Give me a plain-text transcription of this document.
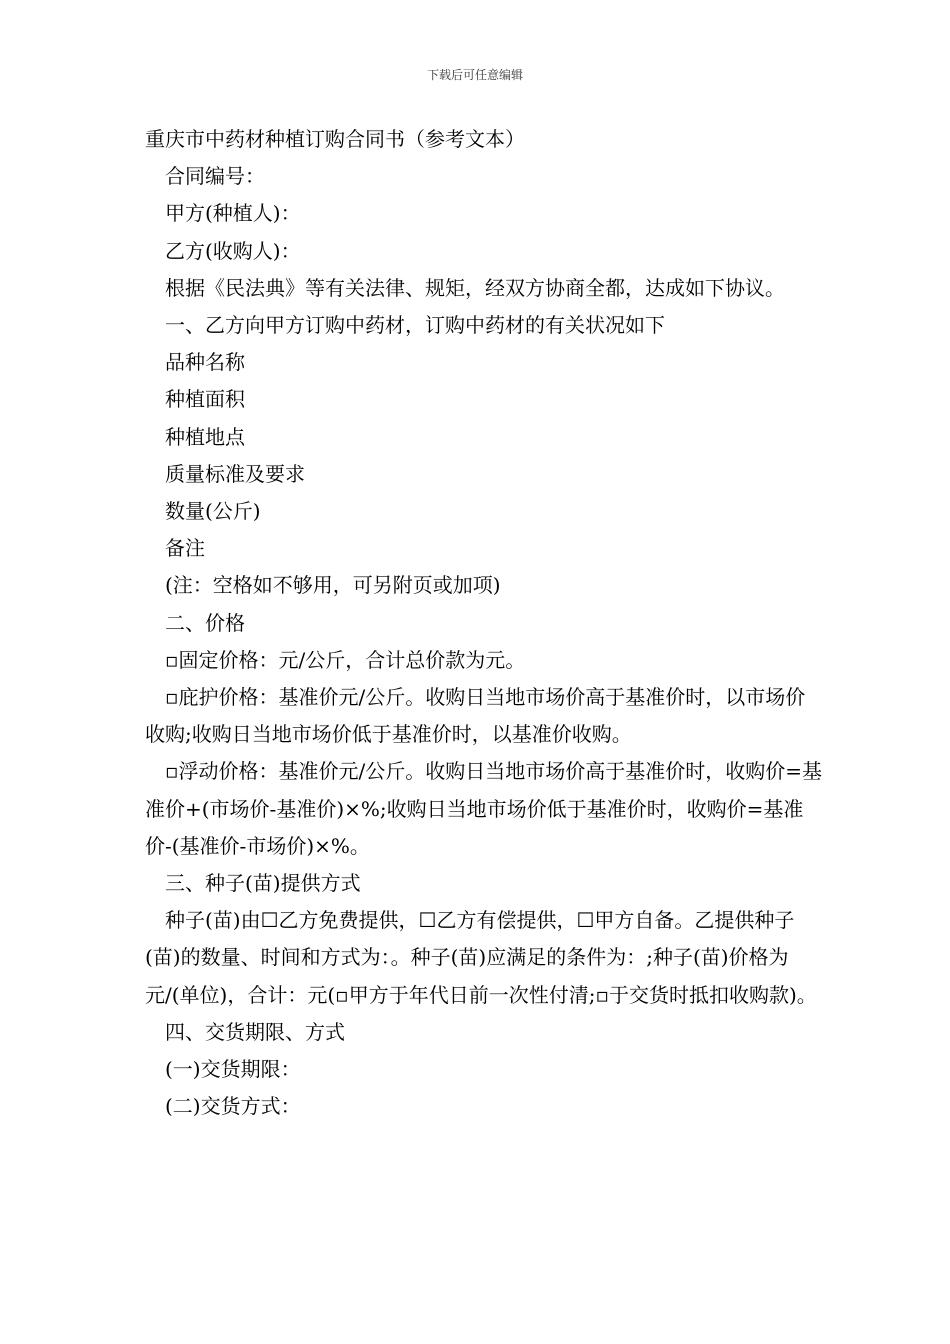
下载后可任意编辑

重庆市中药材种植订购合同书（参考文本）

合同编号：

甲方(种植人)：

乙方(收购人)：

根据《民法典》等有关法律、规矩，经双方协商全都，达成如下协议。

一、乙方向甲方订购中药材，订购中药材的有关状况如下

品种名称

种植面积

种植地点

质量标准及要求

数量(公斤)

备注

(注：空格如不够用，可另附页或加项)

二、价格

▫固定价格：元/公斤，合计总价款为元。

▫庇护价格：基准价元/公斤。收购日当地市场价高于基准价时，以市场价收购;收购日当地市场价低于基准价时，以基准价收购。

▫浮动价格：基准价元/公斤。收购日当地市场价高于基准价时，收购价=基准价+(市场价-基准价)×%;收购日当地市场价低于基准价时，收购价=基准价-(基准价-市场价)×%。

三、种子(苗)提供方式

种子(苗)由☐乙方免费提供，☐乙方有偿提供，☐甲方自备。乙提供种子(苗)的数量、时间和方式为：。种子(苗)应满足的条件为：;种子(苗)价格为元/(单位)，合计：元(▫甲方于年代日前一次性付清;▫于交货时抵扣收购款)。

四、交货期限、方式

(一)交货期限：

(二)交货方式：
